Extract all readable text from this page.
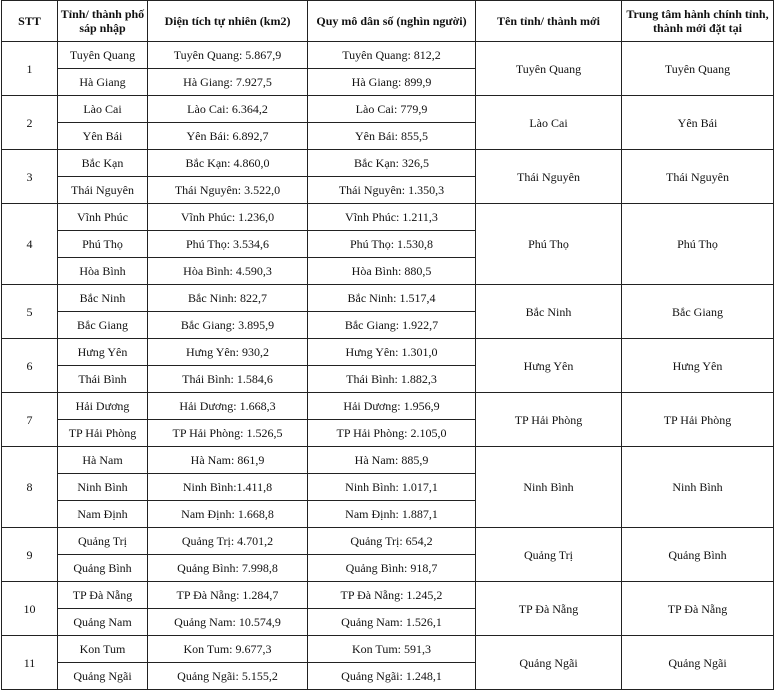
STT	Tỉnh/ thành phố sáp nhập	Diện tích tự nhiên (km2)	Quy mô dân số (nghìn người)	Tên tỉnh/ thành mới	Trung tâm hành chính tỉnh, thành mới đặt tại
1	Tuyên Quang	Tuyên Quang: 5.867,9	Tuyên Quang: 812,2	Tuyên Quang	Tuyên Quang
	Hà Giang	Hà Giang: 7.927,5	Hà Giang: 899,9		
2	Lào Cai	Lào Cai: 6.364,2	Lào Cai: 779,9	Lào Cai	Yên Bái
	Yên Bái	Yên Bái: 6.892,7	Yên Bái: 855,5		
3	Bắc Kạn	Bắc Kạn: 4.860,0	Bắc Kạn: 326,5	Thái Nguyên	Thái Nguyên
	Thái Nguyên	Thái Nguyên: 3.522,0	Thái Nguyên: 1.350,3		
4	Vĩnh Phúc	Vĩnh Phúc: 1.236,0	Vĩnh Phúc: 1.211,3	Phú Thọ	Phú Thọ
	Phú Thọ	Phú Thọ: 3.534,6	Phú Thọ: 1.530,8		
	Hòa Bình	Hòa Bình: 4.590,3	Hòa Bình: 880,5		
5	Bắc Ninh	Bắc Ninh: 822,7	Bắc Ninh: 1.517,4	Bắc Ninh	Bắc Giang
	Bắc Giang	Bắc Giang: 3.895,9	Bắc Giang: 1.922,7		
6	Hưng Yên	Hưng Yên: 930,2	Hưng Yên: 1.301,0	Hưng Yên	Hưng Yên
	Thái Bình	Thái Bình: 1.584,6	Thái Bình: 1.882,3		
7	Hải Dương	Hải Dương: 1.668,3	Hải Dương: 1.956,9	TP Hải Phòng	TP Hải Phòng
	TP Hải Phòng	TP Hải Phòng: 1.526,5	TP Hải Phòng: 2.105,0		
8	Hà Nam	Hà Nam: 861,9	Hà Nam: 885,9	Ninh Bình	Ninh Bình
	Ninh Bình	Ninh Bình:1.411,8	Ninh Bình: 1.017,1		
	Nam Định	Nam Định: 1.668,8	Nam Định: 1.887,1		
9	Quảng Trị	Quảng Trị: 4.701,2	Quảng Trị: 654,2	Quảng Trị	Quảng Bình
	Quảng Bình	Quảng Bình: 7.998,8	Quảng Bình: 918,7		
10	TP Đà Nẵng	TP Đà Nẵng: 1.284,7	TP Đà Nẵng: 1.245,2	TP Đà Nẵng	TP Đà Nẵng
	Quảng Nam	Quảng Nam: 10.574,9	Quảng Nam: 1.526,1		
11	Kon Tum	Kon Tum: 9.677,3	Kon Tum: 591,3	Quảng Ngãi	Quảng Ngãi
	Quảng Ngãi	Quảng Ngãi: 5.155,2	Quảng Ngãi: 1.248,1		
